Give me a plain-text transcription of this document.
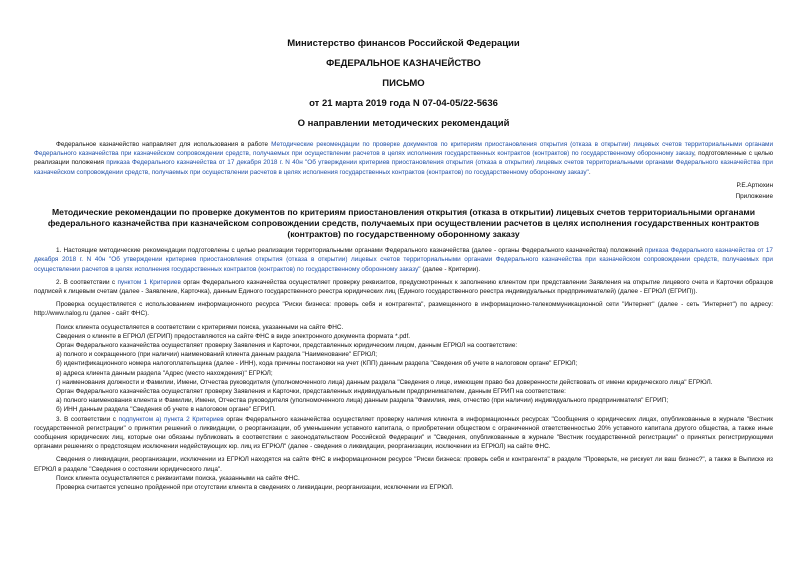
Министерство финансов Российской Федерации
ФЕДЕРАЛЬНОЕ КАЗНАЧЕЙСТВО
ПИСЬМО
от 21 марта 2019 года N 07-04-05/22-5636
О направлении методических рекомендаций

Федеральное казначейство направляет для использования в работе Методические рекомендации по проверке документов по критериям приостановления открытия (отказа в открытии) лицевых счетов территориальными органами Федерального казначейства при казначейском сопровождении средств, получаемых при осуществлении расчетов в целях исполнения государственных контрактов (контрактов) по государственному оборонному заказу, подготовленные с целью реализации положения приказа Федерального казначейства от 17 декабря 2018 г. N 40н "Об утверждении критериев приостановления открытия (отказа в открытии) лицевых счетов территориальными органами Федерального казначейства при казначейском сопровождении средств, получаемых при осуществлении расчетов в целях исполнения государственных контрактов (контрактов) по государственному оборонному заказу".

Р.Е.Артюхин

Приложение

Методические рекомендации по проверке документов по критериям приостановления открытия (отказа в открытии) лицевых счетов территориальными органами федерального казначейства при казначейском сопровождении средств, получаемых при осуществлении расчетов в целях исполнения государственных контрактов (контрактов) по государственному оборонному заказу

1. Настоящие методические рекомендации подготовлены с целью реализации территориальными органами Федерального казначейства (далее - органы Федерального казначейства) положений приказа Федерального казначейства от 17 декабря 2018 г. N 40н "Об утверждении критериев приостановления открытия (отказа в открытии) лицевых счетов территориальными органами Федерального казначейства при казначейском сопровождении средств, получаемых при осуществлении расчетов в целях исполнения государственных контрактов (контрактов) по государственному оборонному заказу" (далее - Критерии).

2. В соответствии с пунктом 1 Критериев орган Федерального казначейства осуществляет проверку реквизитов, предусмотренных к заполнению клиентом при представлении Заявления на открытие лицевого счета и Карточки образцов подписей к лицевым счетам (далее - Заявление, Карточка), данным Единого государственного реестра юридических лиц (Единого государственного реестра индивидуальных предпринимателей) (далее - ЕГРЮЛ (ЕГРИП)).

Проверка осуществляется с использованием информационного ресурса "Риски бизнеса: проверь себя и контрагента", размещенного в информационно-телекоммуникационной сети "Интернет" (далее - сеть "Интернет") по адресу: http://www.nalog.ru (далее - сайт ФНС).

Поиск клиента осуществляется в соответствии с критериями поиска, указанными на сайте ФНС.

Сведения о клиенте в ЕГРЮЛ (ЕГРИП) предоставляются на сайте ФНС в виде электронного документа формата *.pdf.

Орган Федерального казначейства осуществляет проверку Заявления и Карточки, представленных юридическим лицом, данным ЕГРЮЛ на соответствие:

а) полного и сокращенного (при наличии) наименований клиента данным раздела "Наименование" ЕГРЮЛ;

б) идентификационного номера налогоплательщика (далее - ИНН), кода причины постановки на учет (КПП) данным раздела "Сведения об учете в налоговом органе" ЕГРЮЛ;

в) адреса клиента данным раздела "Адрес (место нахождения)" ЕГРЮЛ;

г) наименования должности и Фамилии, Имени, Отчества руководителя (уполномоченного лица) данным раздела "Сведения о лице, имеющем право без доверенности действовать от имени юридического лица" ЕГРЮЛ.

Орган Федерального казначейства осуществляет проверку Заявления и Карточки, представленных индивидуальным предпринимателем, данным ЕГРИП на соответствие:

а) полного наименования клиента и Фамилии, Имени, Отчества руководителя (уполномоченного лица) данным раздела "Фамилия, имя, отчество (при наличии) индивидуального предпринимателя" ЕГРИП;

б) ИНН данным раздела "Сведения об учете в налоговом органе" ЕГРИП.

3. В соответствии с подпунктом а) пункта 2 Критериев орган Федерального казначейства осуществляет проверку наличия клиента в информационных ресурсах "Сообщения о юридических лицах, опубликованные в журнале "Вестник государственной регистрации" о принятии решений о ликвидации, о реорганизации, об уменьшении уставного капитала, о приобретении обществом с ограниченной ответственностью 20% уставного капитала другого общества, а также иные сообщения юридических лиц, которые они обязаны публиковать в соответствии с законодательством Российской Федерации" и "Сведения, опубликованные в журнале "Вестник государственной регистрации" о принятых регистрирующими органами решениях о предстоящем исключении недействующих юр. лиц из ЕГРЮЛ" (далее - сведения о ликвидации, реорганизации, исключении из ЕГРЮЛ) на сайте ФНС.

Сведения о ликвидации, реорганизации, исключении из ЕГРЮЛ находятся на сайте ФНС в информационном ресурсе "Риски бизнеса: проверь себя и контрагента" в разделе "Проверьте, не рискует ли ваш бизнес?", а также в Выписке из ЕГРЮЛ в разделе "Сведения о состоянии юридического лица".

Поиск клиента осуществляется с реквизитами поиска, указанными на сайте ФНС.

Проверка считается успешно пройденной при отсутствии клиента в сведениях о ликвидации, реорганизации, исключении из ЕГРЮЛ.
